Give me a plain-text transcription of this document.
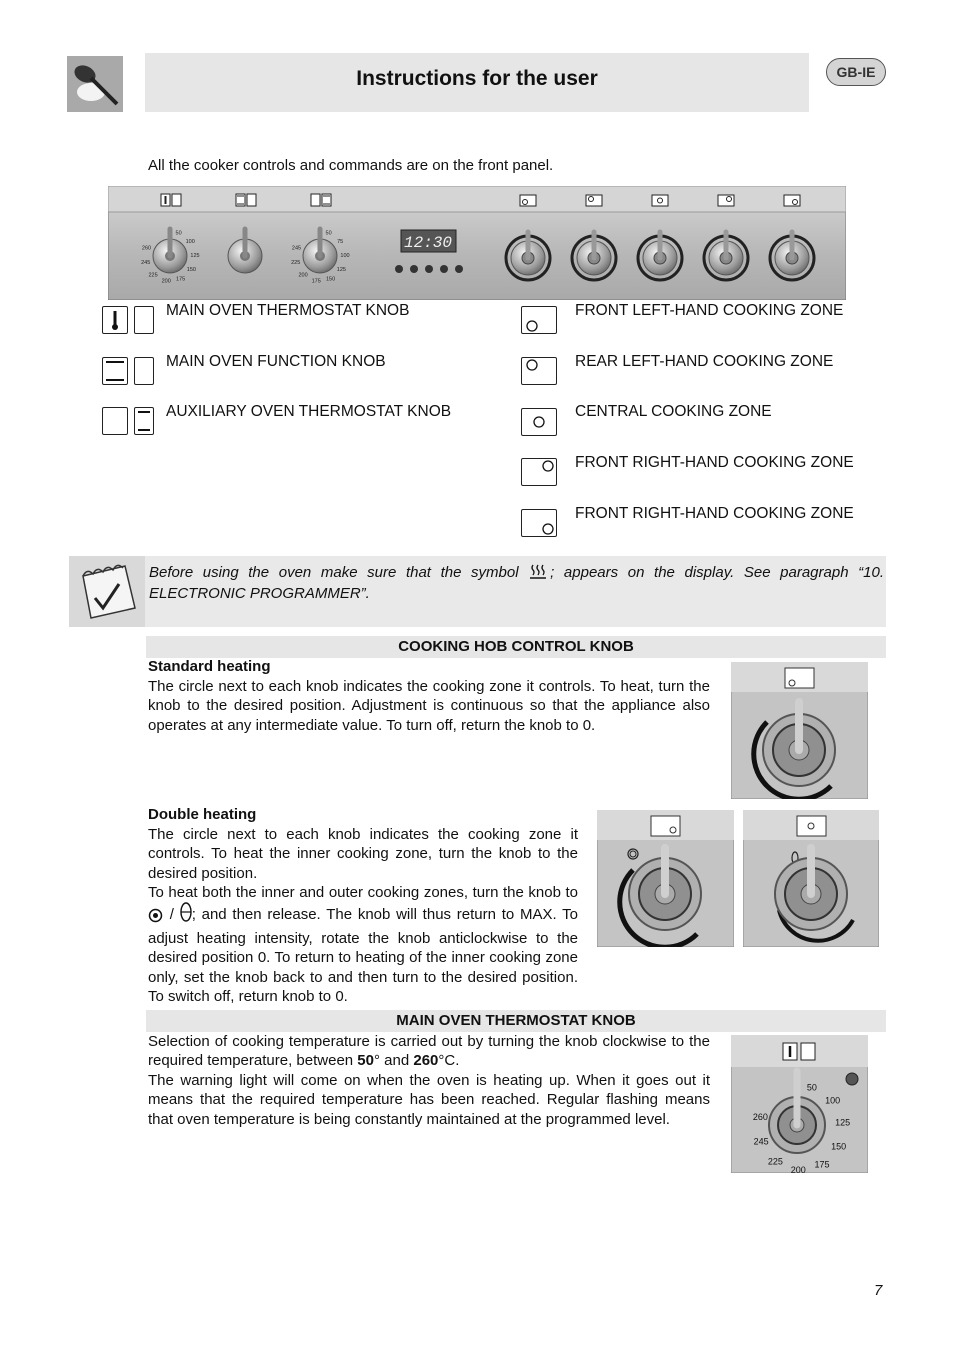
Instructions for the user	GB-IE
All the cooker controls and commands are on the front panel.
50
100
125
150
175
200
225
245
260
50
75
100
125
150
175
200
225
245	12:30
MAIN OVEN THERMOSTAT KNOB
MAIN OVEN FUNCTION KNOB
AUXILIARY OVEN THERMOSTAT KNOB
FRONT LEFT-HAND COOKING ZONE
REAR LEFT-HAND COOKING ZONE
CENTRAL COOKING ZONE
FRONT RIGHT-HAND COOKING ZONE
FRONT RIGHT-HAND COOKING ZONE
Before using the oven make sure that the symbol ; appears on the display. See paragraph “10. ELECTRONIC PROGRAMMER”.
COOKING HOB CONTROL KNOB
Standard heating
The circle next to each knob indicates the cooking zone it controls. To heat, turn the knob to the desired position. Adjustment is continuous so that the appliance also operates at any intermediate value. To turn off, return the knob to 0.
Double heating
The circle next to each knob indicates the cooking zone it controls. To heat the inner cooking zone, turn the knob to the desired position.
To heat both the inner and outer cooking zones, turn the knob to  / ; and then release. The knob will thus return to MAX. To adjust heating intensity, rotate the knob anticlockwise to the desired position 0. To return to heating of the inner cooking zone only, set the knob back to and then turn to the desired position. To switch off, return knob to 0.
MAIN OVEN THERMOSTAT KNOB
Selection of cooking temperature is carried out by turning the knob clockwise to the required temperature, between 50° and 260°C.
The warning light will come on when the oven is heating up. When it goes out it means that the required temperature has been reached. Regular flashing means that oven temperature is being constantly maintained at the programmed level.
50
100
125
150
175
200
225
245
260
7
